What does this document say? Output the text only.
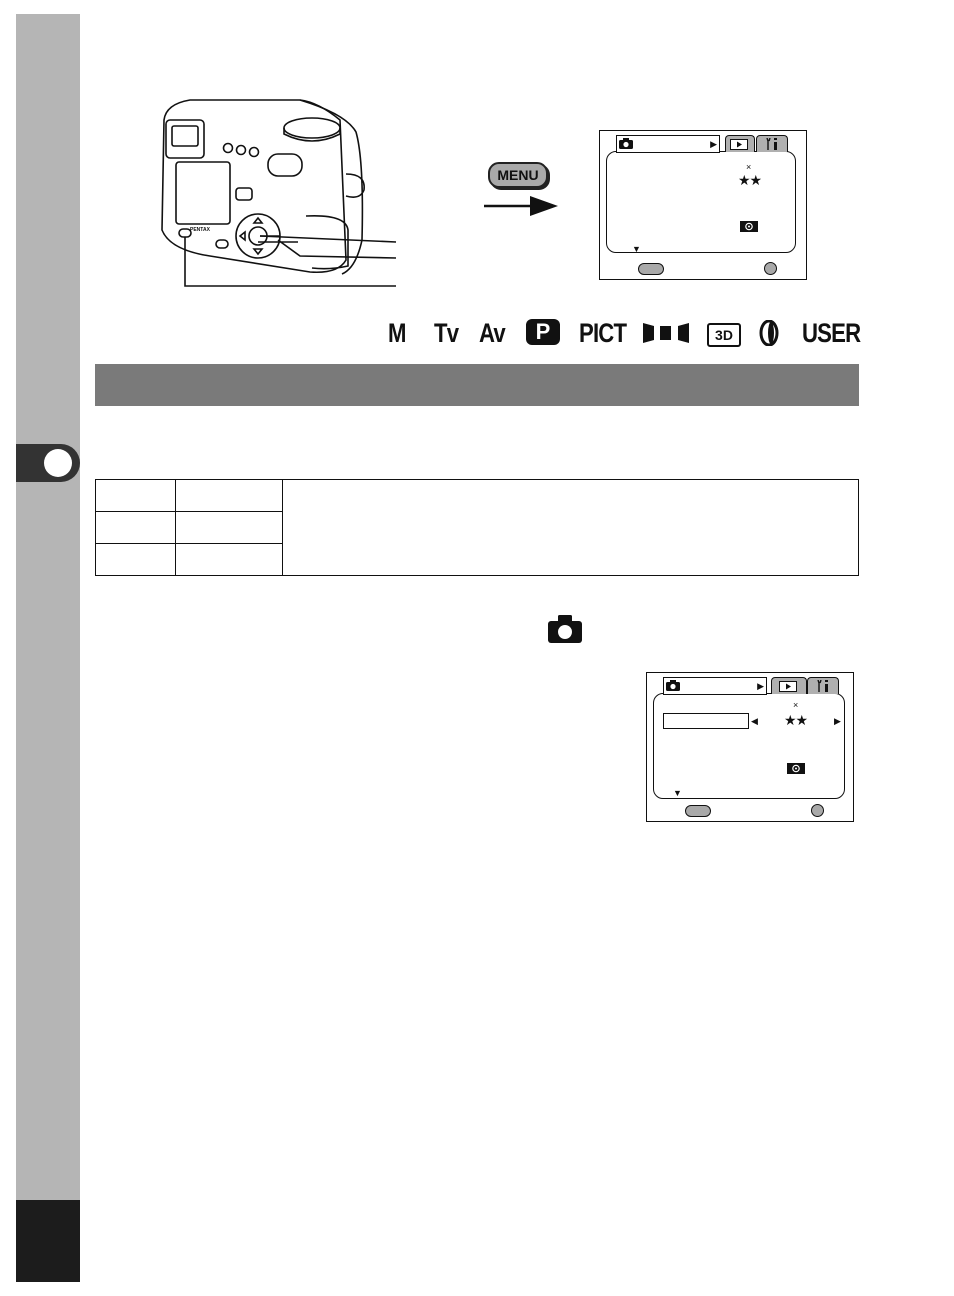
PENTAX
MENU
▶
×
★★
▼
M Tv Av	P	PICT	3D	USER

▶
◀
×
★★	▶
▼
